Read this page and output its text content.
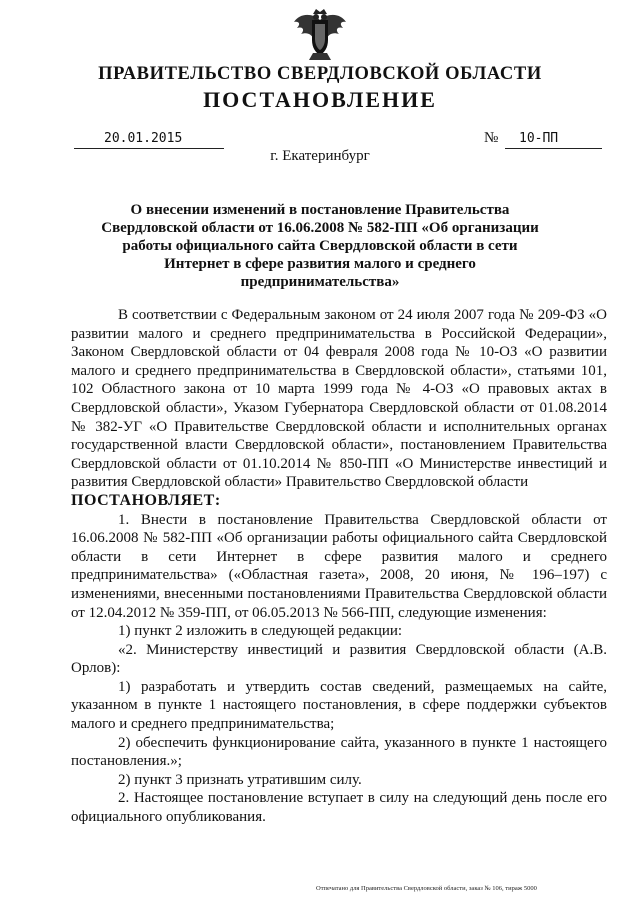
ПРАВИТЕЛЬСТВО СВЕРДЛОВСКОЙ ОБЛАСТИ
ПОСТАНОВЛЕНИЕ
20.01.2015	№	10-ПП
г. Екатеринбург
О внесении изменений в постановление Правительства Свердловской области от 16.06.2008 № 582-ПП «Об организации работы официального сайта Свердловской области в сети Интернет в сфере развития малого и среднего предпринимательства»

В соответствии с Федеральным законом от 24 июля 2007 года № 209-ФЗ «О развитии малого и среднего предпринимательства в Российской Федерации», Законом Свердловской области от 04 февраля 2008 года № 10-ОЗ «О развитии малого и среднего предпринимательства в Свердловской области», статьями 101, 102 Областного закона от 10 марта 1999 года № 4-ОЗ «О правовых актах в Свердловской области», Указом Губернатора Свердловской области от 01.08.2014 № 382-УГ «О Правительстве Свердловской области и исполнительных органах государственной власти Свердловской области», постановлением Правительства Свердловской области от 01.10.2014 № 850-ПП «О Министерстве инвестиций и развития Свердловской области» Правительство Свердловской области

ПОСТАНОВЛЯЕТ:

1. Внести в постановление Правительства Свердловской области от 16.06.2008 № 582-ПП «Об организации работы официального сайта Свердловской области в сети Интернет в сфере развития малого и среднего предпринимательства» («Областная газета», 2008, 20 июня, № 196–197) с изменениями, внесенными постановлениями Правительства Свердловской области от 12.04.2012 № 359-ПП, от 06.05.2013 № 566-ПП, следующие изменения:

1) пункт 2 изложить в следующей редакции:

«2. Министерству инвестиций и развития Свердловской области (А.В. Орлов):

1) разработать и утвердить состав сведений, размещаемых на сайте, указанном в пункте 1 настоящего постановления, в сфере поддержки субъектов малого и среднего предпринимательства;

2) обеспечить функционирование сайта, указанного в пункте 1 настоящего постановления.»;

2) пункт 3 признать утратившим силу.

2. Настоящее постановление вступает в силу на следующий день после его официального опубликования.

Отпечатано для Правительства Свердловской области, заказ № 106, тираж 5000
